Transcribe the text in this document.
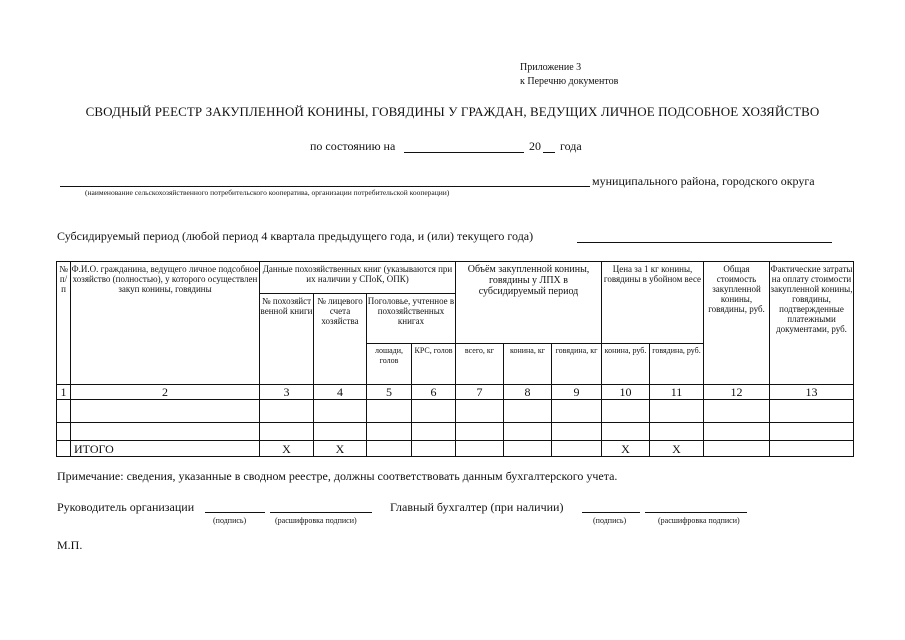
Приложение 3
к Перечню документов
СВОДНЫЙ РЕЕСТР ЗАКУПЛЕННОЙ КОНИНЫ, ГОВЯДИНЫ У ГРАЖДАН, ВЕДУЩИХ ЛИЧНОЕ ПОДСОБНОЕ ХОЗЯЙСТВО
по состоянию на	20 года
муниципального района, городского округа
(наименование сельскохозяйственного потребительского кооператива, организации потребительской кооперации)
Субсидируемый период (любой период 4 квартала предыдущего года, и (или) текущего года)
№ п/ п	Ф.И.О. гражданина, ведущего личное подсобное хозяйство (полностью), у которого осуществлен закуп конины, говядины	Данные похозяйственных книг (указываются при их наличии у СПоК, ОПК)				Объём закупленной конины, говядины у ЛПХ в субсидируемый период			Цена за 1 кг конины, говядины в убойном весе		Общая стоимость закупленной конины, говядины, руб.	Фактические затраты на оплату стоимости закупленной конины, говядины, подтвержденные платежными документами, руб.
		№ похозяйст венной книги	№ лицевого счета хозяйства	Поголовье, учтенное в похозяйственных книгах								
				лошади, голов	КРС, голов	всего, кг	конина, кг	говядина, кг	конина, руб.	говядина, руб.		
1	2	3	4	5	6	7	8	9	10	11	12	13

	ИТОГО	X	X						X	X		
Примечание: сведения, указанные в сводном реестре, должны соответствовать данным бухгалтерского учета.
Руководитель организации
(подпись)	(расшифровка подписи)
Главный бухгалтер (при наличии)
(подпись)	(расшифровка подписи)
М.П.
